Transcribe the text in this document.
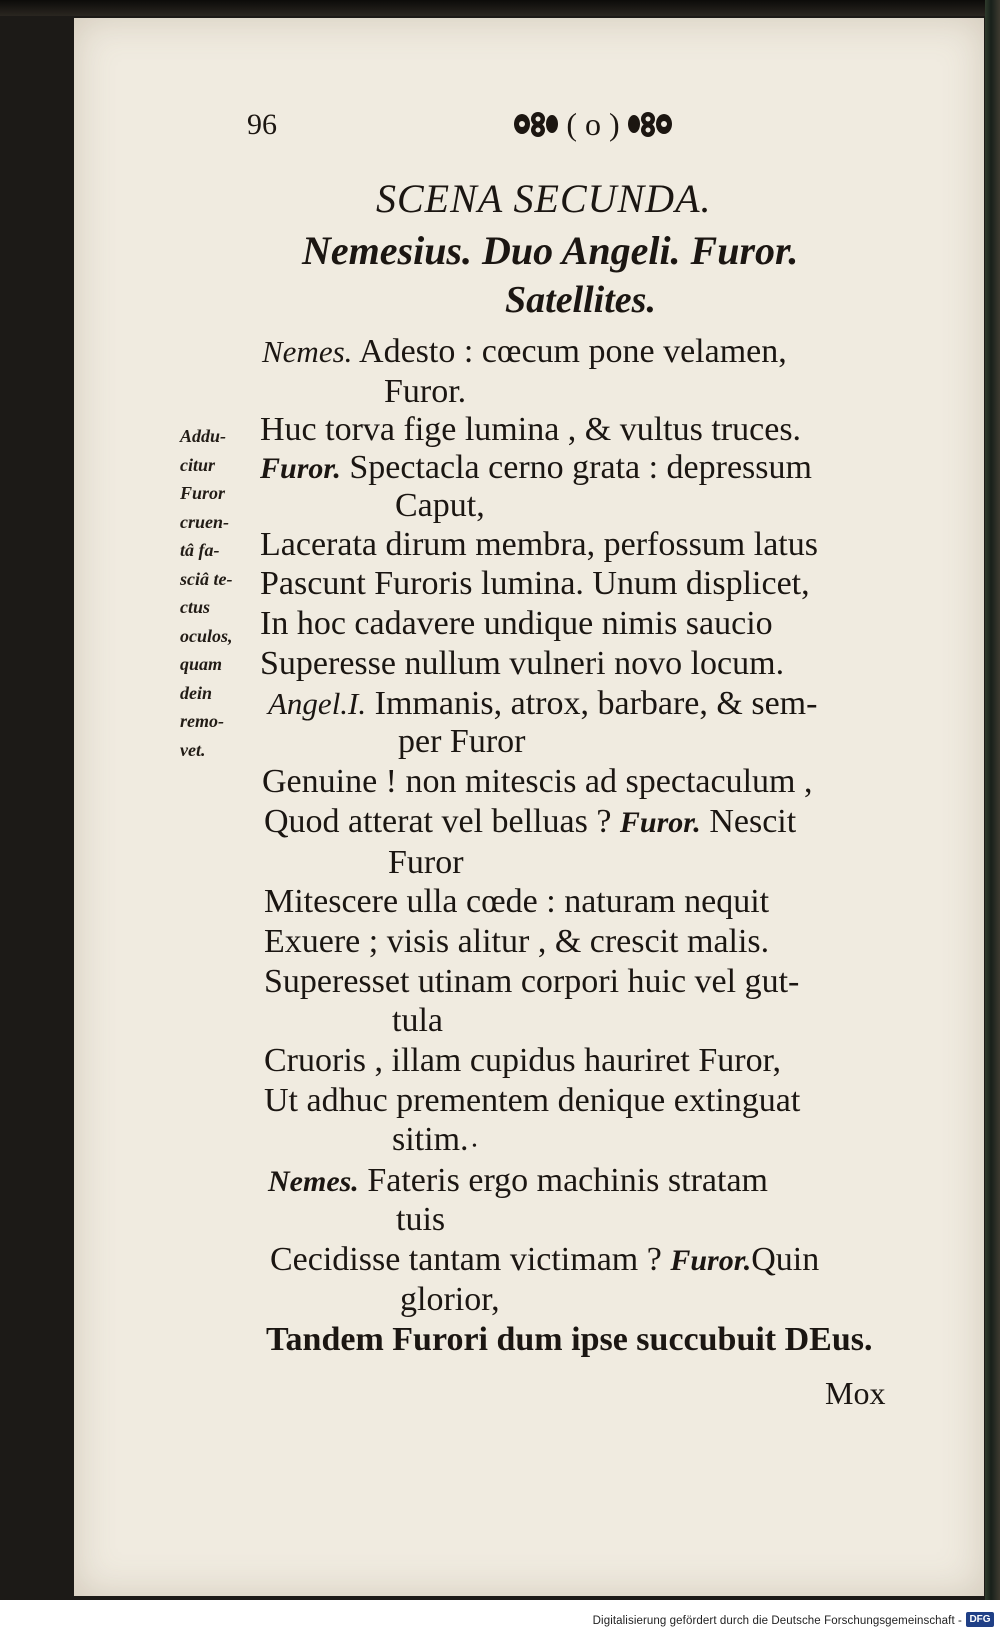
96	( o )
SCENA SECUNDA.
Nemesius. Duo Angeli. Furor.
Satellites.
Addu-
citur
Furor
cruen-
tâ fa-
sciâ te-
ctus
oculos,
quam
dein
remo-
vet.
Nemes. Adesto : cœcum pone velamen,
Furor.
Huc torva fige lumina , & vultus truces.
Furor. Spectacla cerno grata : depressum
Caput,
Lacerata dirum membra, perfossum latus
Pascunt Furoris lumina. Unum displicet,
In hoc cadavere undique nimis saucio
Superesse nullum vulneri novo locum.
Angel.I. Immanis, atrox, barbare, & sem-
per Furor
Genuine ! non mitescis ad spectaculum ,
Quod atterat vel belluas ? Furor. Nescit
Furor
Mitescere ulla cœde : naturam nequit
Exuere ; visis alitur , & crescit malis.
Superesset utinam corpori huic vel gut-
tula
Cruoris , illam cupidus hauriret Furor,
Ut adhuc prementem denique extinguat
sitim. •
Nemes. Fateris ergo machinis stratam
tuis
Cecidisse tantam victimam ? Furor.Quin
glorior,
Tandem Furori dum ipse succubuit DEus.
Mox
Digitalisierung gefördert durch die Deutsche Forschungsgemeinschaft - DFG
